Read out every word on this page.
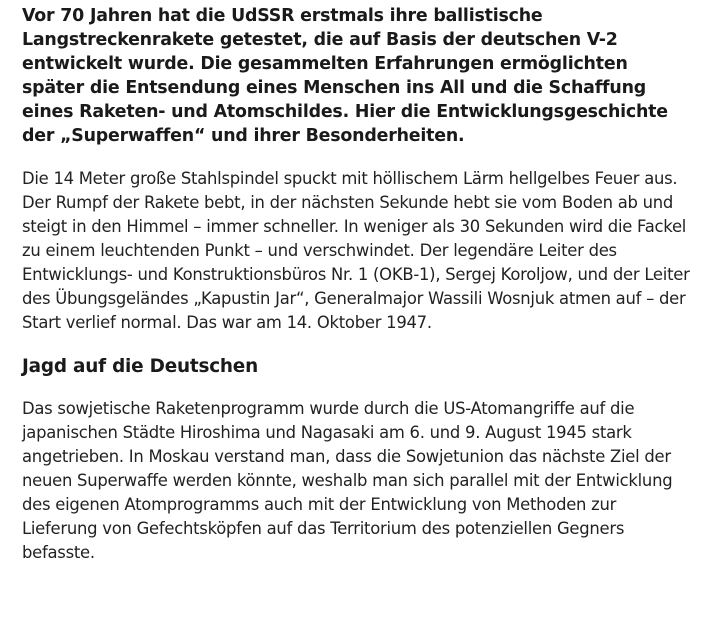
Vor 70 Jahren hat die UdSSR erstmals ihre ballistische Langstreckenrakete getestet, die auf Basis der deutschen V-2 entwickelt wurde. Die gesammelten Erfahrungen ermöglichten später die Entsendung eines Menschen ins All und die Schaffung eines Raketen- und Atomschildes. Hier die Entwicklungsgeschichte der „Superwaffen“ und ihrer Besonderheiten.

Die 14 Meter große Stahlspindel spuckt mit höllischem Lärm hellgelbes Feuer aus. Der Rumpf der Rakete bebt, in der nächsten Sekunde hebt sie vom Boden ab und steigt in den Himmel – immer schneller. In weniger als 30 Sekunden wird die Fackel zu einem leuchtenden Punkt – und verschwindet. Der legendäre Leiter des Entwicklungs- und Konstruktionsbüros Nr. 1 (OKB-1), Sergej Koroljow, und der Leiter des Übungsgeländes „Kapustin Jar“, Generalmajor Wassili Wosnjuk atmen auf – der Start verlief normal. Das war am 14. Oktober 1947.

Jagd auf die Deutschen

Das sowjetische Raketenprogramm wurde durch die US-Atomangriffe auf die japanischen Städte Hiroshima und Nagasaki am 6. und 9. August 1945 stark angetrieben. In Moskau verstand man, dass die Sowjetunion das nächste Ziel der neuen Superwaffe werden könnte, weshalb man sich parallel mit der Entwicklung des eigenen Atomprogramms auch mit der Entwicklung von Methoden zur Lieferung von Gefechtsköpfen auf das Territorium des potenziellen Gegners befasste.
